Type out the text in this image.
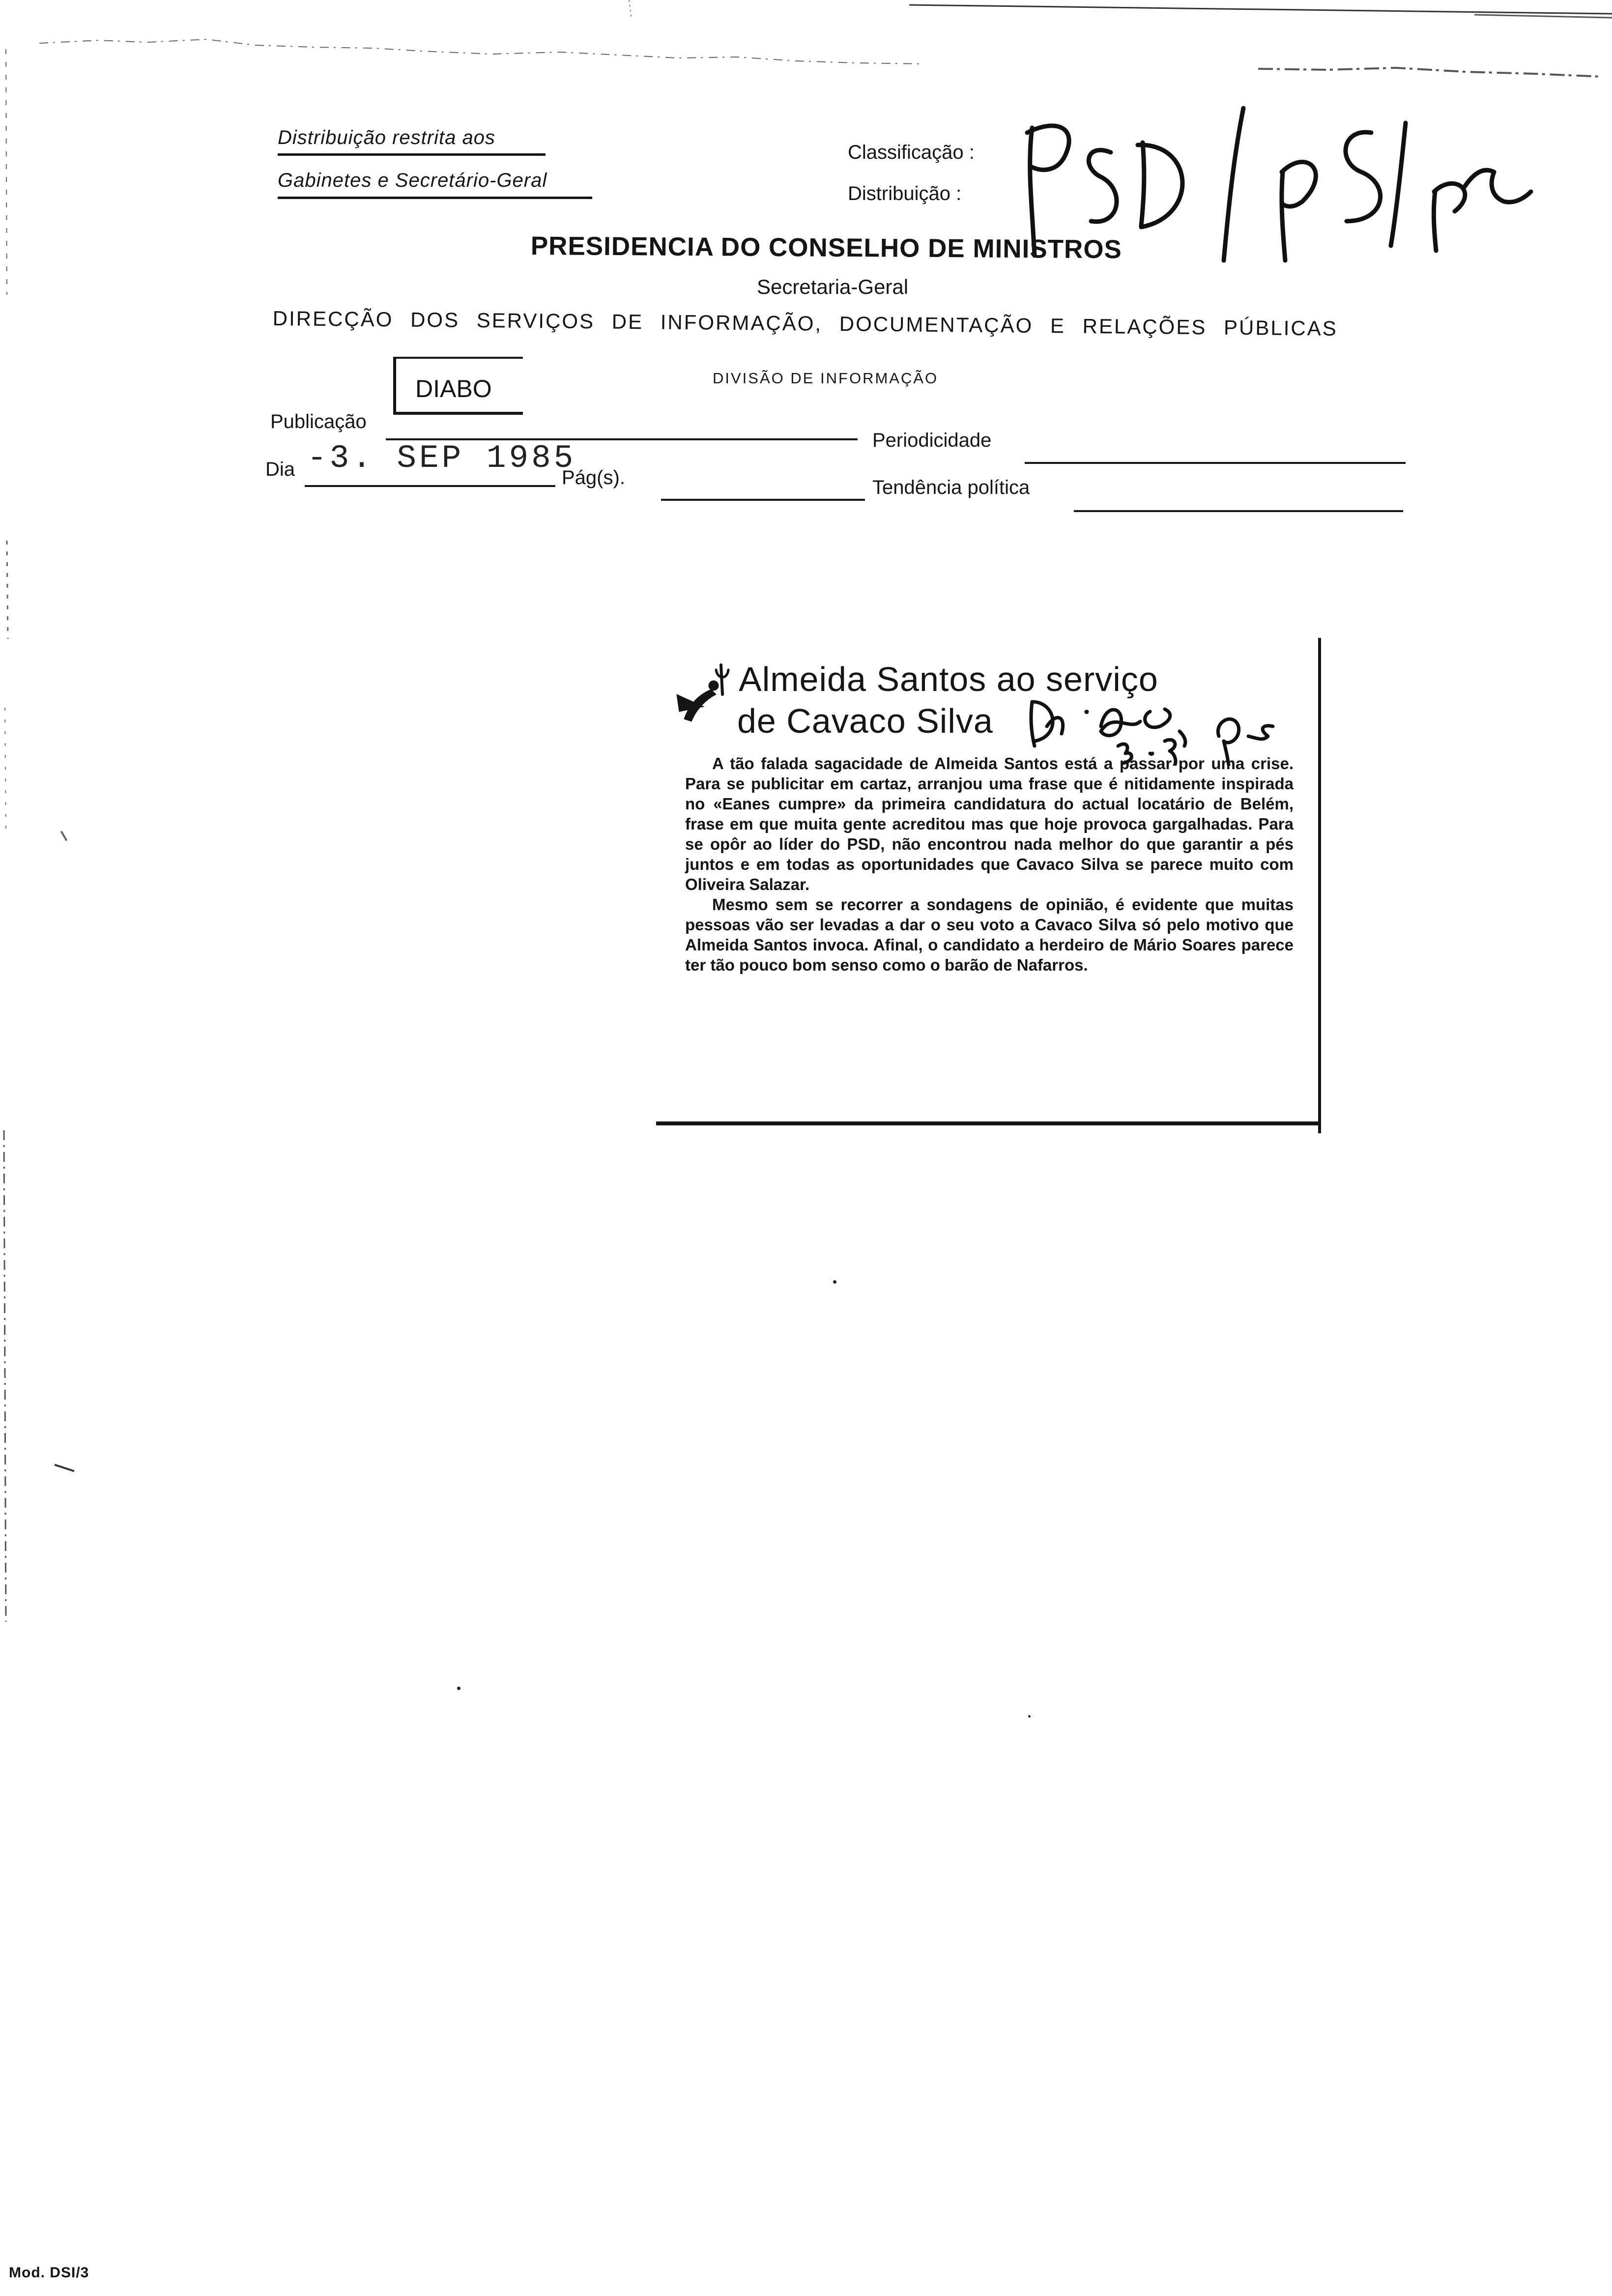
Distribuição restrita aos
Gabinetes e Secretário-Geral
Classificação :
Distribuição :
PRESIDENCIA DO CONSELHO DE MINISTROS
Secretaria-Geral
DIRECÇÃO DOS SERVIÇOS DE INFORMAÇÃO, DOCUMENTAÇÃO E RELAÇÕES PÚBLICAS
DIVISÃO DE INFORMAÇÃO
DIABO
Publicação
Periodicidade
Dia -3. SEP 1985
Pág(s).	Tendência política
Almeida Santos ao serviço
de Cavaco Silva

A tão falada sagacidade de Almeida Santos está a passar por uma crise. Para se publicitar em cartaz, arranjou uma frase que é nitidamente inspirada no «Eanes cumpre» da primeira candidatura do actual locatário de Belém, frase em que muita gente acreditou mas que hoje provoca gargalhadas. Para se opôr ao líder do PSD, não encontrou nada melhor do que garantir a pés juntos e em todas as oportunidades que Cavaco Silva se parece muito com Oliveira Salazar.

Mesmo sem se recorrer a sondagens de opinião, é evidente que muitas pessoas vão ser levadas a dar o seu voto a Cavaco Silva só pelo motivo que Almeida Santos invoca. Afinal, o candidato a herdeiro de Mário Soares parece ter tão pouco bom senso como o barão de Nafarros.

Mod. DSI/3
